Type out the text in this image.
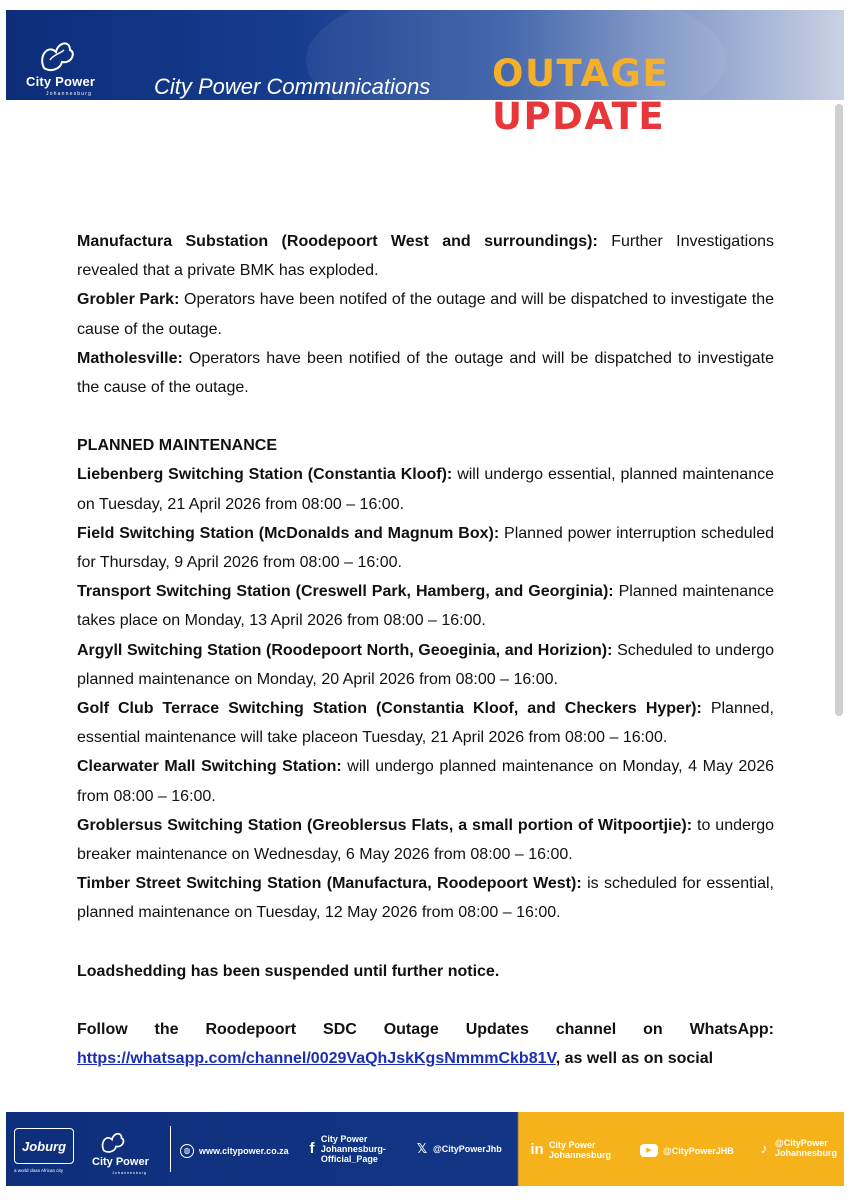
City Power
Johannesburg	City Power Communications OUTAGE UPDATE

Manufactura Substation (Roodepoort West and surroundings): Further Investigations revealed that a private BMK has exploded.

Grobler Park: Operators have been notifed of the outage and will be dispatched to investigate the cause of the outage.

Matholesville: Operators have been notified of the outage and will be dispatched to investigate the cause of the outage.

PLANNED MAINTENANCE

Liebenberg Switching Station (Constantia Kloof): will undergo essential, planned maintenance on Tuesday, 21 April 2026 from 08:00 – 16:00.

Field Switching Station (McDonalds and Magnum Box): Planned power interruption scheduled for Thursday, 9 April 2026 from 08:00 – 16:00.

Transport Switching Station (Creswell Park, Hamberg, and Georginia): Planned maintenance takes place on Monday, 13 April 2026 from 08:00 – 16:00.

Argyll Switching Station (Roodepoort North, Geoeginia, and Horizion): Scheduled to undergo planned maintenance on Monday, 20 April 2026 from 08:00 – 16:00.

Golf Club Terrace Switching Station (Constantia Kloof, and Checkers Hyper): Planned, essential maintenance will take placeon Tuesday, 21 April 2026 from 08:00 – 16:00.

Clearwater Mall Switching Station: will undergo planned maintenance on Monday, 4 May 2026 from 08:00 – 16:00.

Groblersus Switching Station (Greoblersus Flats, a small portion of Witpoortjie): to undergo breaker maintenance on Wednesday, 6 May 2026 from 08:00 – 16:00.

Timber Street Switching Station (Manufactura, Roodepoort West): is scheduled for essential, planned maintenance on Tuesday, 12 May 2026 from 08:00 – 16:00.

Loadshedding has been suspended until further notice.

Follow the Roodepoort SDC Outage Updates channel on WhatsApp: https://whatsapp.com/channel/0029VaQhJskKgsNmmmCkb81V, as well as on social

Joburg
a world class African city
City Power
Johannesburg
◍ www.citypower.co.za f
City Power Johannesburg-Official_Page
𝕏 @CityPowerJhb in City Power Johannesburg	▶	@CityPowerJHB ♪ @CityPower Johannesburg
